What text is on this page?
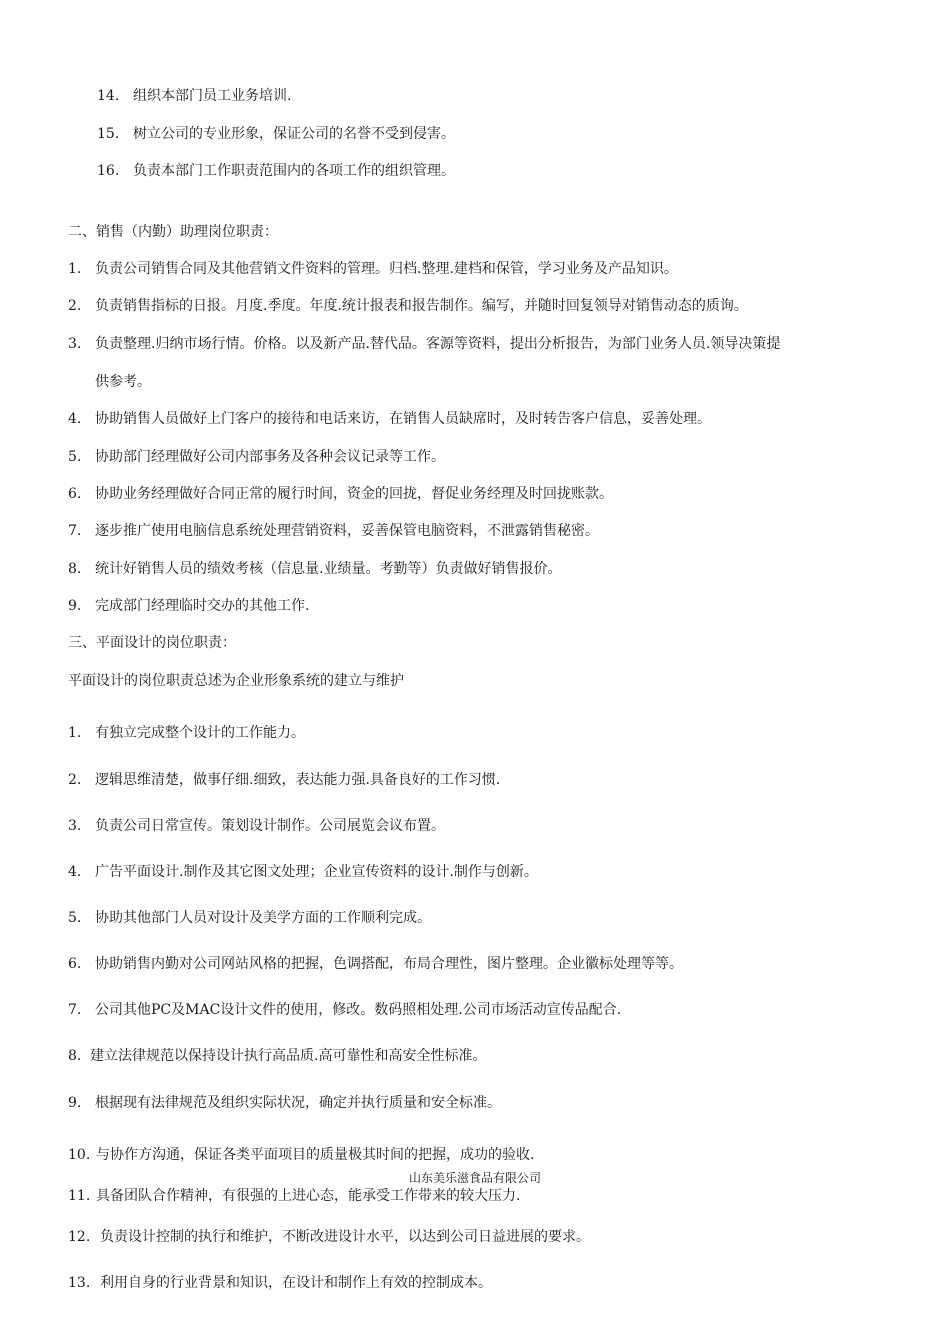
14. 组织本部门员工业务培训.
15. 树立公司的专业形象，保证公司的名誉不受到侵害。
16. 负责本部门工作职责范围内的各项工作的组织管理。
二、销售（内勤）助理岗位职责：
1. 负责公司销售合同及其他营销文件资料的管理。归档.整理.建档和保管，学习业务及产品知识。
2. 负责销售指标的日报。月度.季度。年度.统计报表和报告制作。编写，并随时回复领导对销售动态的质询。
3. 负责整理.归纳市场行情。价格。以及新产品.替代品。客源等资料，提出分析报告，为部门业务人员.领导决策提
供参考。
4. 协助销售人员做好上门客户的接待和电话来访，在销售人员缺席时，及时转告客户信息，妥善处理。
5. 协助部门经理做好公司内部事务及各种会议记录等工作。
6. 协助业务经理做好合同正常的履行时间，资金的回拢，督促业务经理及时回拢账款。
7. 逐步推广使用电脑信息系统处理营销资料，妥善保管电脑资料，不泄露销售秘密。
8. 统计好销售人员的绩效考核（信息量.业绩量。考勤等）负责做好销售报价。
9. 完成部门经理临时交办的其他工作.
三、平面设计的岗位职责：
平面设计的岗位职责总述为企业形象系统的建立与维护
1. 有独立完成整个设计的工作能力。
2. 逻辑思维清楚，做事仔细.细致，表达能力强.具备良好的工作习惯.
3. 负责公司日常宣传。策划设计制作。公司展览会议布置。
4. 广告平面设计.制作及其它图文处理；企业宣传资料的设计.制作与创新。
5. 协助其他部门人员对设计及美学方面的工作顺利完成。
6. 协助销售内勤对公司网站风格的把握，色调搭配，布局合理性，图片整理。企业徽标处理等等。
7. 公司其他PC及MAC设计文件的使用，修改。数码照相处理.公司市场活动宣传品配合.
8. 建立法律规范以保持设计执行高品质.高可靠性和高安全性标准。
9. 根据现有法律规范及组织实际状况，确定并执行质量和安全标准。
10. 与协作方沟通，保证各类平面项目的质量极其时间的把握，成功的验收.
山东美乐滋食品有限公司
11. 具备团队合作精神，有很强的上进心态，能承受工作带来的较大压力.
12. 负责设计控制的执行和维护，不断改进设计水平，以达到公司日益进展的要求。
13. 利用自身的行业背景和知识，在设计和制作上有效的控制成本。
